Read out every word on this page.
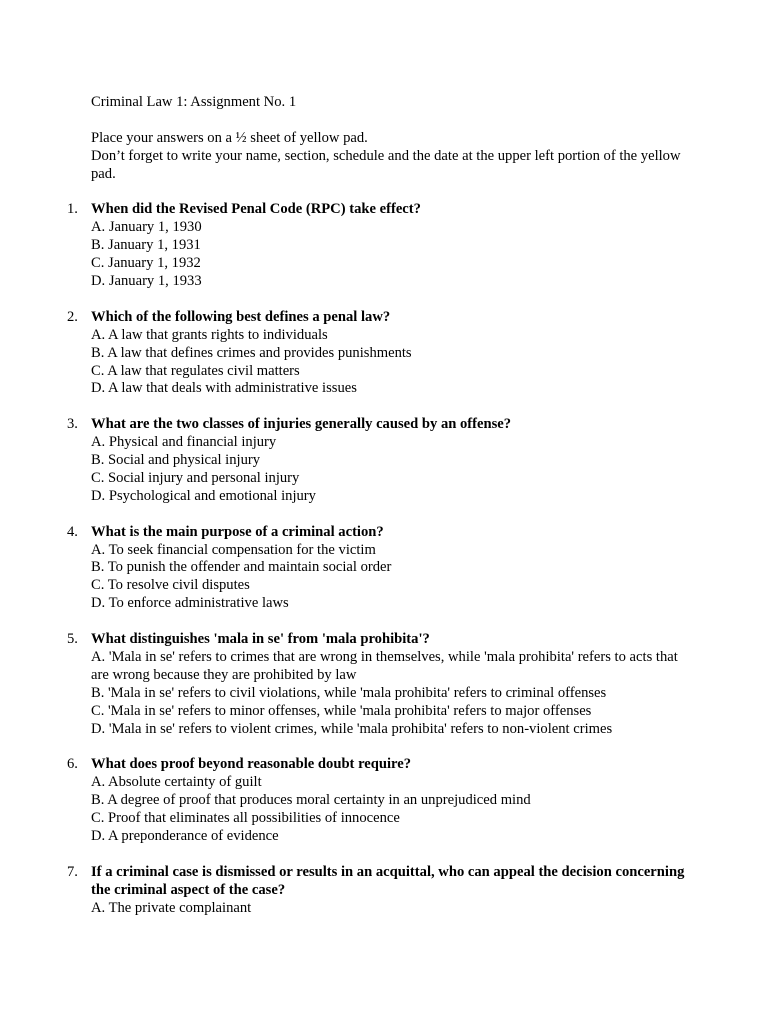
Criminal Law 1: Assignment No. 1

Place your answers on a ½ sheet of yellow pad.

Don’t forget to write your name, section, schedule and the date at the upper left portion of the yellow pad.

1. When did the Revised Penal Code (RPC) take effect?
A. January 1, 1930
B. January 1, 1931
C. January 1, 1932
D. January 1, 1933
2. Which of the following best defines a penal law?
A. A law that grants rights to individuals
B. A law that defines crimes and provides punishments
C. A law that regulates civil matters
D. A law that deals with administrative issues
3. What are the two classes of injuries generally caused by an offense?
A. Physical and financial injury
B. Social and physical injury
C. Social injury and personal injury
D. Psychological and emotional injury
4. What is the main purpose of a criminal action?
A. To seek financial compensation for the victim
B. To punish the offender and maintain social order
C. To resolve civil disputes
D. To enforce administrative laws
5. What distinguishes 'mala in se' from 'mala prohibita'?
A. 'Mala in se' refers to crimes that are wrong in themselves, while 'mala prohibita' refers to acts that are wrong because they are prohibited by law
B. 'Mala in se' refers to civil violations, while 'mala prohibita' refers to criminal offenses
C. 'Mala in se' refers to minor offenses, while 'mala prohibita' refers to major offenses
D. 'Mala in se' refers to violent crimes, while 'mala prohibita' refers to non-violent crimes
6. What does proof beyond reasonable doubt require?
A. Absolute certainty of guilt
B. A degree of proof that produces moral certainty in an unprejudiced mind
C. Proof that eliminates all possibilities of innocence
D. A preponderance of evidence
7. If a criminal case is dismissed or results in an acquittal, who can appeal the decision concerning the criminal aspect of the case?
A. The private complainant
